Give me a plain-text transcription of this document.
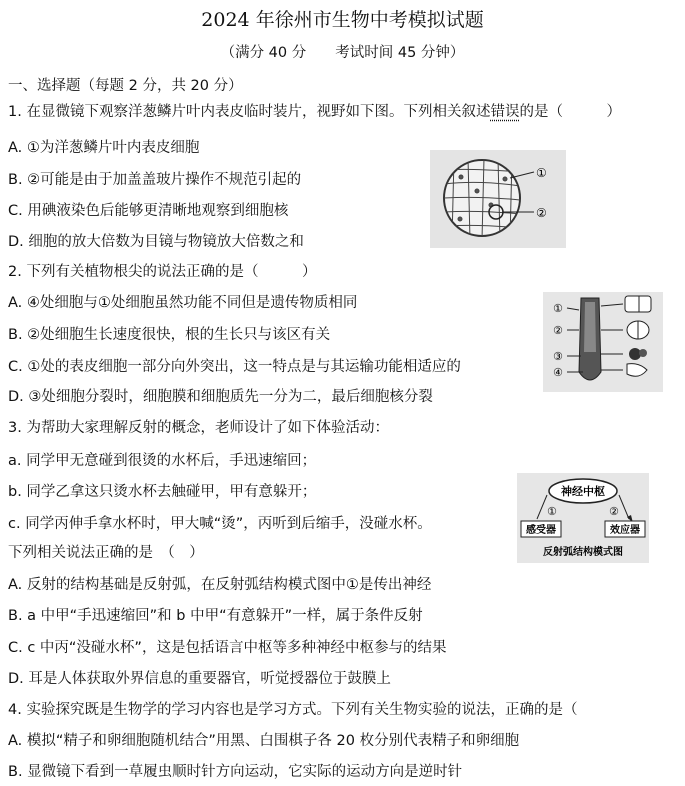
2024 年徐州市生物中考模拟试题
（满分 40 分　　考试时间 45 分钟）
一、选择题（每题 2 分，共 20 分）
1. 在显微镜下观察洋葱鳞片叶内表皮临时装片，视野如下图。下列相关叙述错误的是（　　　）
A. ①为洋葱鳞片叶内表皮细胞
B. ②可能是由于加盖盖玻片操作不规范引起的
C. 用碘液染色后能够更清晰地观察到细胞核
D. 细胞的放大倍数为目镜与物镜放大倍数之和
①
②
2. 下列有关植物根尖的说法正确的是（　　　）
A. ④处细胞与①处细胞虽然功能不同但是遗传物质相同
B. ②处细胞生长速度很快，根的生长只与该区有关
C. ①处的表皮细胞一部分向外突出，这一特点是与其运输功能相适应的
D. ③处细胞分裂时，细胞膜和细胞质先一分为二，最后细胞核分裂
①
②
③
④
3. 为帮助大家理解反射的概念，老师设计了如下体验活动：
a. 同学甲无意碰到很烫的水杯后，手迅速缩回；
b. 同学乙拿这只烫水杯去触碰甲，甲有意躲开；
c. 同学丙伸手拿水杯时，甲大喊“烫”，丙听到后缩手，没碰水杯。
下列相关说法正确的是　（　）
A. 反射的结构基础是反射弧，在反射弧结构模式图中①是传出神经
B. a 中甲“手迅速缩回”和 b 中甲“有意躲开”一样，属于条件反射
C. c 中丙“没碰水杯”，这是包括语言中枢等多种神经中枢参与的结果
D. 耳是人体获取外界信息的重要器官，听觉授器位于鼓膜上
神经中枢
①	②
感受器	效应器
反射弧结构模式图
4. 实验探究既是生物学的学习内容也是学习方式。下列有关生物实验的说法，正确的是（
A. 模拟“精子和卵细胞随机结合”用黑、白围棋子各 20 枚分别代表精子和卵细胞
B. 显微镜下看到一草履虫顺时针方向运动，它实际的运动方向是逆时针
